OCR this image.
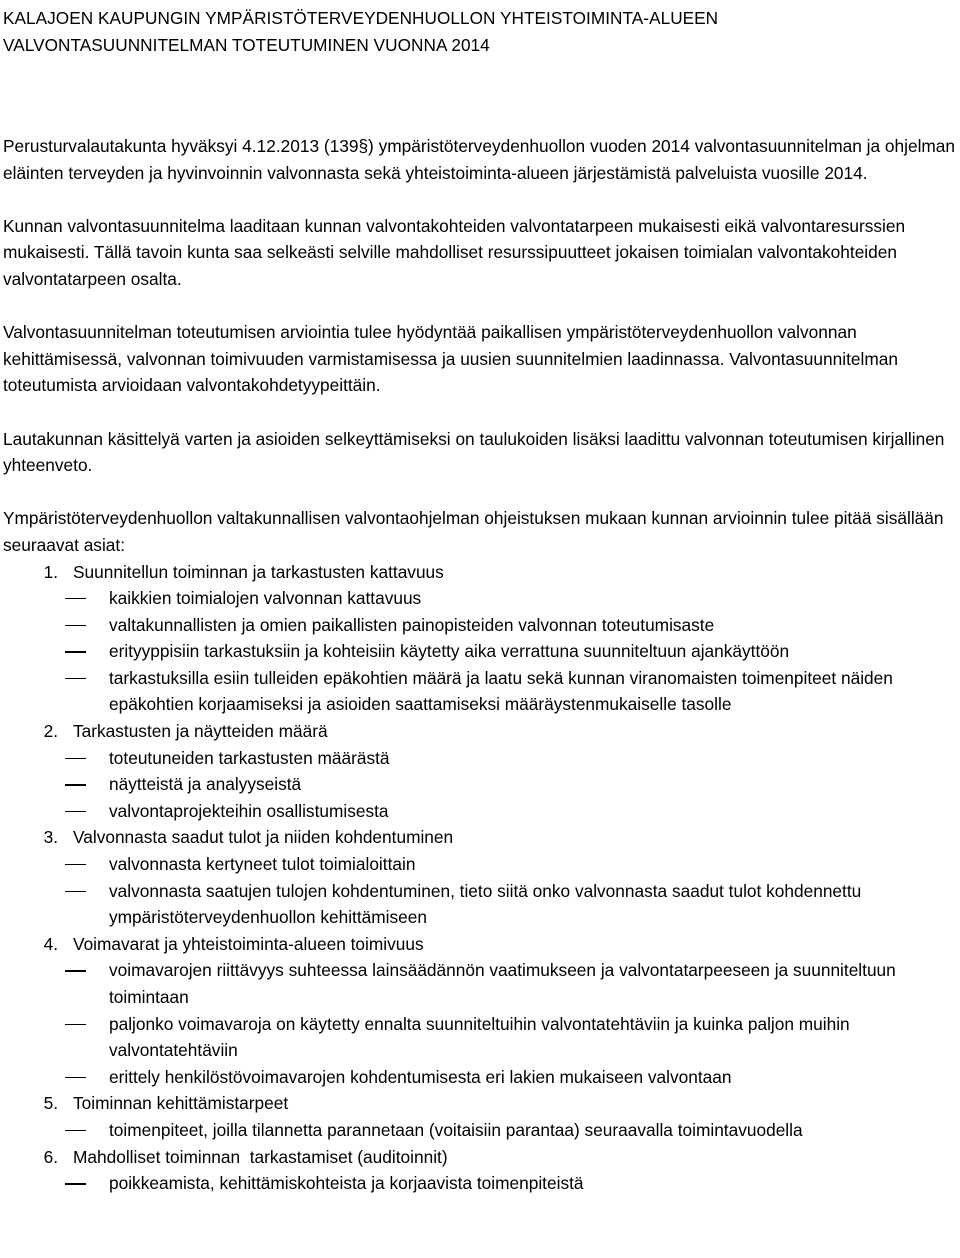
KALAJOEN KAUPUNGIN YMPÄRISTÖTERVEYDENHUOLLON YHTEISTOIMINTA-ALUEEN
VALVONTASUUNNITELMAN TOTEUTUMINEN VUONNA 2014

Perusturvalautakunta hyväksyi 4.12.2013 (139§) ympäristöterveydenhuollon vuoden 2014 valvontasuunnitelman ja ohjelman eläinten terveyden ja hyvinvoinnin valvonnasta sekä yhteistoiminta-alueen järjestämistä palveluista vuosille 2014.

Kunnan valvontasuunnitelma laaditaan kunnan valvontakohteiden valvontatarpeen mukaisesti eikä valvontaresurssien mukaisesti. Tällä tavoin kunta saa selkeästi selville mahdolliset resurssipuutteet jokaisen toimialan valvontakohteiden valvontatarpeen osalta.

Valvontasuunnitelman toteutumisen arviointia tulee hyödyntää paikallisen ympäristöterveydenhuollon valvonnan kehittämisessä, valvonnan toimivuuden varmistamisessa ja uusien suunnitelmien laadinnassa. Valvontasuunnitelman toteutumista arvioidaan valvontakohdetyypeittäin.

Lautakunnan käsittelyä varten ja asioiden selkeyttämiseksi on taulukoiden lisäksi laadittu valvonnan toteutumisen kirjallinen yhteenveto.

Ympäristöterveydenhuollon valtakunnallisen valvontaohjelman ohjeistuksen mukaan kunnan arvioinnin tulee pitää sisällään seuraavat asiat:

1. Suunnitellun toiminnan ja tarkastusten kattavuus
kaikkien toimialojen valvonnan kattavuus
valtakunnallisten ja omien paikallisten painopisteiden valvonnan toteutumisaste
erityyppisiin tarkastuksiin ja kohteisiin käytetty aika verrattuna suunniteltuun ajankäyttöön
tarkastuksilla esiin tulleiden epäkohtien määrä ja laatu sekä kunnan viranomaisten toimenpiteet näiden epäkohtien korjaamiseksi ja asioiden saattamiseksi määräystenmukaiselle tasolle
2. Tarkastusten ja näytteiden määrä
toteutuneiden tarkastusten määrästä
näytteistä ja analyyseistä
valvontaprojekteihin osallistumisesta
3. Valvonnasta saadut tulot ja niiden kohdentuminen
valvonnasta kertyneet tulot toimialoittain
valvonnasta saatujen tulojen kohdentuminen, tieto siitä onko valvonnasta saadut tulot kohdennettu ympäristöterveydenhuollon kehittämiseen
4. Voimavarat ja yhteistoiminta-alueen toimivuus
voimavarojen riittävyys suhteessa lainsäädännön vaatimukseen ja valvontatarpeeseen ja suunniteltuun toimintaan
paljonko voimavaroja on käytetty ennalta suunniteltuihin valvontatehtäviin ja kuinka paljon muihin valvontatehtäviin
erittely henkilöstövoimavarojen kohdentumisesta eri lakien mukaiseen valvontaan
5. Toiminnan kehittämistarpeet
toimenpiteet, joilla tilannetta parannetaan (voitaisiin parantaa) seuraavalla toimintavuodella
6. Mahdolliset toiminnan  tarkastamiset (auditoinnit)
poikkeamista, kehittämiskohteista ja korjaavista toimenpiteistä
